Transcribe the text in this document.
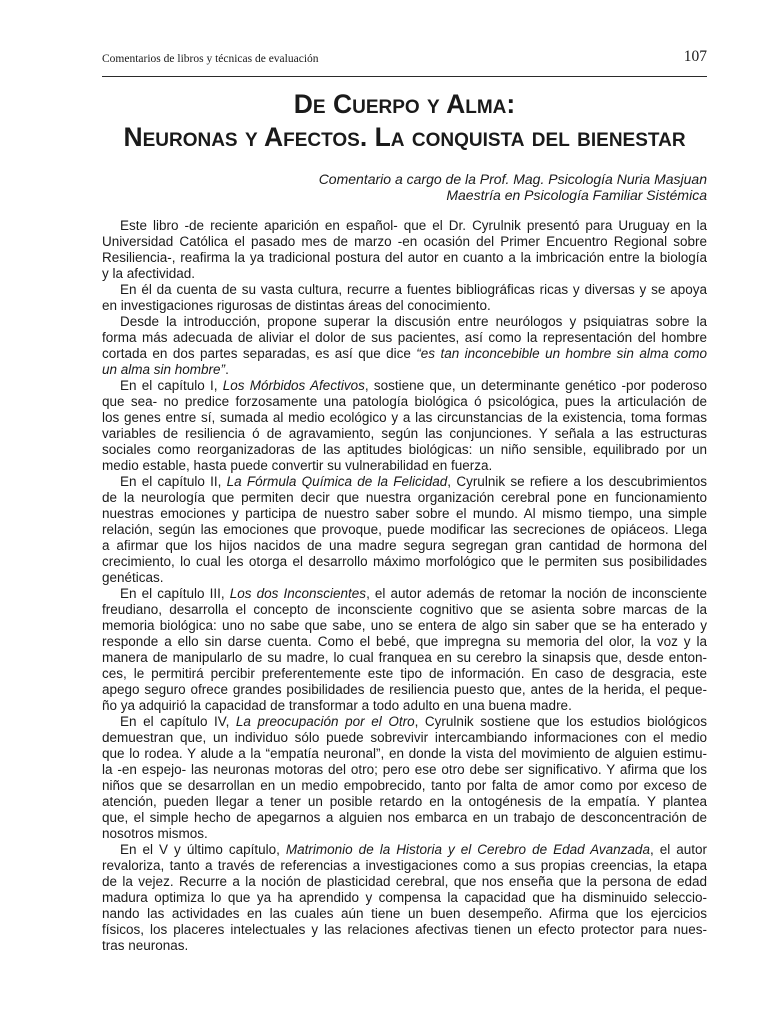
Comentarios de libros y técnicas de evaluación	107
De Cuerpo y Alma:
Neuronas y Afectos. La conquista del bienestar
Comentario a cargo de la Prof. Mag. Psicología Nuria Masjuan
Maestría en Psicología Familiar Sistémica
Este libro -de reciente aparición en español- que el Dr. Cyrulnik presentó para Uruguay en la
Universidad Católica el pasado mes de marzo -en ocasión del Primer Encuentro Regional sobre
Resiliencia-, reafirma la ya tradicional postura del autor en cuanto a la imbricación entre la biología
y la afectividad.
En él da cuenta de su vasta cultura, recurre a fuentes bibliográficas ricas y diversas y se apoya
en investigaciones rigurosas de distintas áreas del conocimiento.
Desde la introducción, propone superar la discusión entre neurólogos y psiquiatras sobre la
forma más adecuada de aliviar el dolor de sus pacientes, así como la representación del hombre
cortada en dos partes separadas, es así que dice “es tan inconcebible un hombre sin alma como
un alma sin hombre”.
En el capítulo I, Los Mórbidos Afectivos, sostiene que, un determinante genético -por poderoso
que sea- no predice forzosamente una patología biológica ó psicológica, pues la articulación de
los genes entre sí, sumada al medio ecológico y a las circunstancias de la existencia, toma formas
variables de resiliencia ó de agravamiento, según las conjunciones. Y señala a las estructuras
sociales como reorganizadoras de las aptitudes biológicas: un niño sensible, equilibrado por un
medio estable, hasta puede convertir su vulnerabilidad en fuerza.
En el capítulo II, La Fórmula Química de la Felicidad, Cyrulnik se refiere a los descubrimientos
de la neurología que permiten decir que nuestra organización cerebral pone en funcionamiento
nuestras emociones y participa de nuestro saber sobre el mundo. Al mismo tiempo, una simple
relación, según las emociones que provoque, puede modificar las secreciones de opiáceos. Llega
a afirmar que los hijos nacidos de una madre segura segregan gran cantidad de hormona del
crecimiento, lo cual les otorga el desarrollo máximo morfológico que le permiten sus posibilidades
genéticas.
En el capítulo III, Los dos Inconscientes, el autor además de retomar la noción de inconsciente
freudiano, desarrolla el concepto de inconsciente cognitivo que se asienta sobre marcas de la
memoria biológica: uno no sabe que sabe, uno se entera de algo sin saber que se ha enterado y
responde a ello sin darse cuenta. Como el bebé, que impregna su memoria del olor, la voz y la
manera de manipularlo de su madre, lo cual franquea en su cerebro la sinapsis que, desde enton-
ces, le permitirá percibir preferentemente este tipo de información. En caso de desgracia, este
apego seguro ofrece grandes posibilidades de resiliencia puesto que, antes de la herida, el peque-
ño ya adquirió la capacidad de transformar a todo adulto en una buena madre.
En el capítulo IV, La preocupación por el Otro, Cyrulnik sostiene que los estudios biológicos
demuestran que, un individuo sólo puede sobrevivir intercambiando informaciones con el medio
que lo rodea. Y alude a la “empatía neuronal”, en donde la vista del movimiento de alguien estimu-
la -en espejo- las neuronas motoras del otro; pero ese otro debe ser significativo. Y afirma que los
niños que se desarrollan en un medio empobrecido, tanto por falta de amor como por exceso de
atención, pueden llegar a tener un posible retardo en la ontogénesis de la empatía. Y plantea
que, el simple hecho de apegarnos a alguien nos embarca en un trabajo de desconcentración de
nosotros mismos.
En el V y último capítulo, Matrimonio de la Historia y el Cerebro de Edad Avanzada, el autor
revaloriza, tanto a través de referencias a investigaciones como a sus propias creencias, la etapa
de la vejez. Recurre a la noción de plasticidad cerebral, que nos enseña que la persona de edad
madura optimiza lo que ya ha aprendido y compensa la capacidad que ha disminuido seleccio-
nando las actividades en las cuales aún tiene un buen desempeño. Afirma que los ejercicios
físicos, los placeres intelectuales y las relaciones afectivas tienen un efecto protector para nues-
tras neuronas.
